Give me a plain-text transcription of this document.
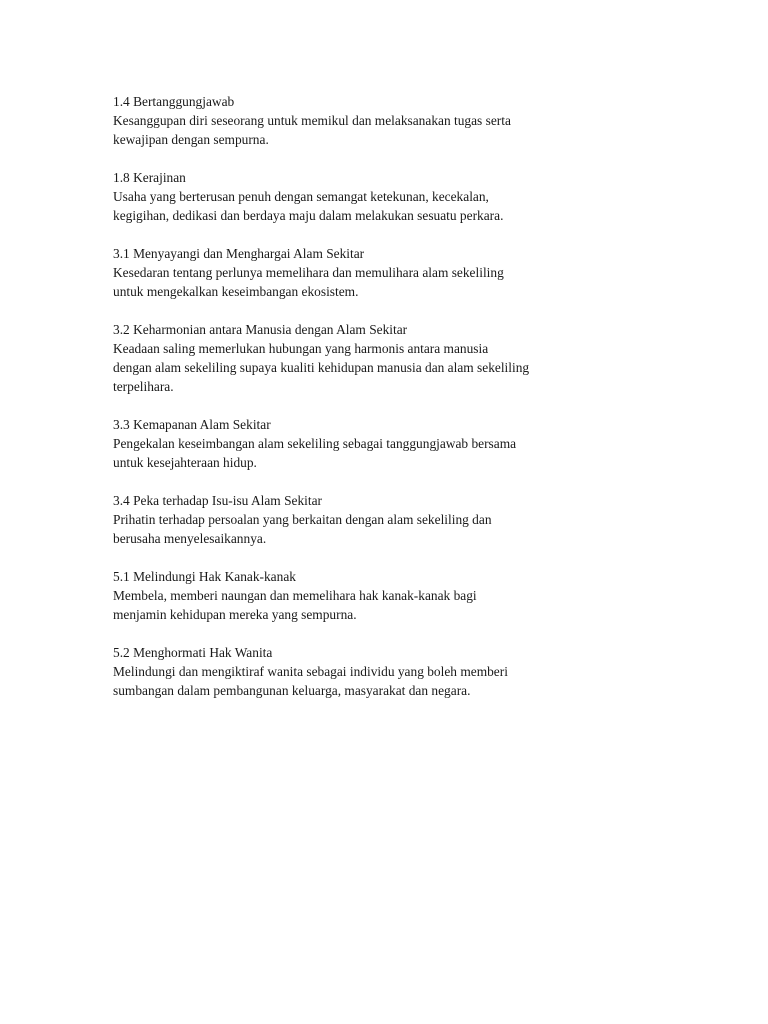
1.4 Bertanggungjawab

Kesanggupan diri seseorang untuk memikul dan melaksanakan tugas serta

kewajipan dengan sempurna.

1.8 Kerajinan

Usaha yang berterusan penuh dengan semangat ketekunan, kecekalan,

kegigihan, dedikasi dan berdaya maju dalam melakukan sesuatu perkara.

3.1 Menyayangi dan Menghargai Alam Sekitar

Kesedaran tentang perlunya memelihara dan memulihara alam sekeliling

untuk mengekalkan keseimbangan ekosistem.

3.2 Keharmonian antara Manusia dengan Alam Sekitar

Keadaan saling memerlukan hubungan yang harmonis antara manusia

dengan alam sekeliling supaya kualiti kehidupan manusia dan alam sekeliling

terpelihara.

3.3 Kemapanan Alam Sekitar

Pengekalan keseimbangan alam sekeliling sebagai tanggungjawab bersama

untuk kesejahteraan hidup.

3.4 Peka terhadap Isu-isu Alam Sekitar

Prihatin terhadap persoalan yang berkaitan dengan alam sekeliling dan

berusaha menyelesaikannya.

5.1 Melindungi Hak Kanak-kanak

Membela, memberi naungan dan memelihara hak kanak-kanak bagi

menjamin kehidupan mereka yang sempurna.

5.2 Menghormati Hak Wanita

Melindungi dan mengiktiraf wanita sebagai individu yang boleh memberi

sumbangan dalam pembangunan keluarga, masyarakat dan negara.
